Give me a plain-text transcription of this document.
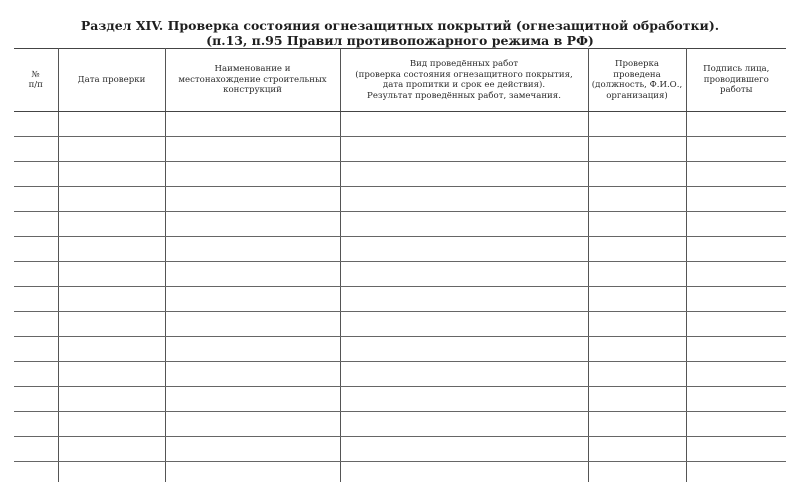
Раздел XIV. Проверка состояния огнезащитных покрытий (огнезащитной обработки).
(п.13, п.95 Правил противопожарного режима в РФ)
№
п/п	Дата проверки	Наименование и
местонахождение строительных
конструкций	Вид проведённых работ
(проверка состояния огнезащитного покрытия,
дата пропитки и срок ее действия).
Результат проведённых работ, замечания.	Проверка
проведена
(должность, Ф.И.О.,
организация)	Подпись лица,
проводившего
работы
